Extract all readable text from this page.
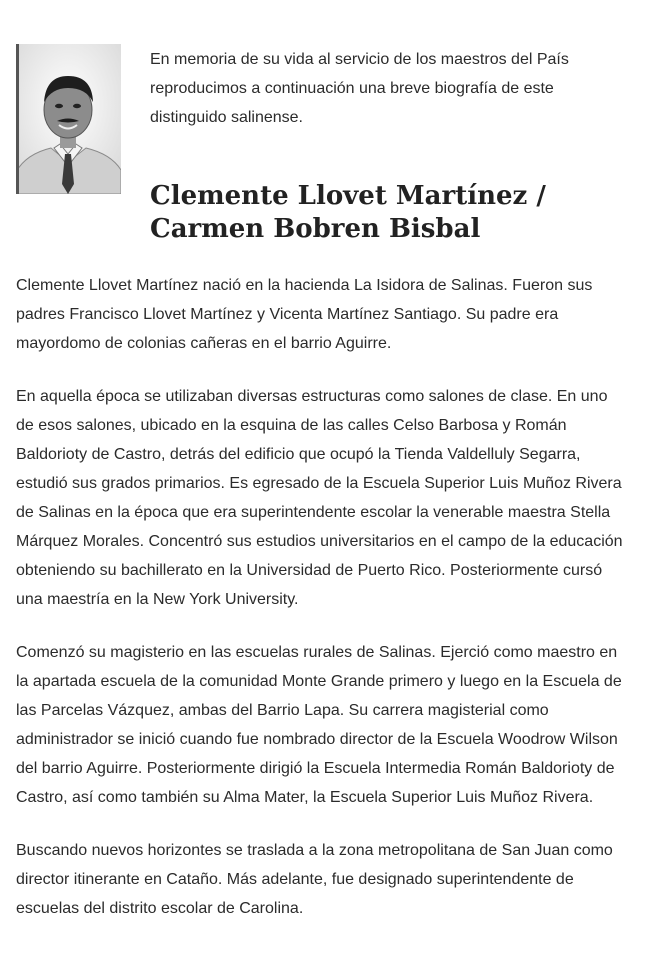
En memoria de su vida al servicio de los maestros del País reproducimos a continuación una breve biografía de este distinguido salinense.

Clemente Llovet Martínez /
Carmen Bobren Bisbal

Clemente Llovet Martínez nació en la hacienda La Isidora de Salinas. Fueron sus padres Francisco Llovet Martínez y Vicenta Martínez Santiago. Su padre era mayordomo de colonias cañeras en el barrio Aguirre.

En aquella época se utilizaban diversas estructuras como salones de clase. En uno de esos salones, ubicado en la esquina de las calles Celso Barbosa y Román Baldorioty de Castro, detrás del edificio que ocupó la Tienda Valdelluly Segarra, estudió sus grados primarios. Es egresado de la Escuela Superior Luis Muñoz Rivera de Salinas en la época que era superintendente escolar la venerable maestra Stella Márquez Morales. Concentró sus estudios universitarios en el campo de la educación obteniendo su bachillerato en la Universidad de Puerto Rico. Posteriormente cursó una maestría en la New York University.

Comenzó su magisterio en las escuelas rurales de Salinas. Ejerció como maestro en la apartada escuela de la comunidad Monte Grande primero y luego en la Escuela de las Parcelas Vázquez, ambas del Barrio Lapa. Su carrera magisterial como administrador se inició cuando fue nombrado director de la Escuela Woodrow Wilson del barrio Aguirre. Posteriormente dirigió la Escuela Intermedia Román Baldorioty de Castro, así como también su Alma Mater, la Escuela Superior Luis Muñoz Rivera.

Buscando nuevos horizontes se traslada a la zona metropolitana de San Juan como director itinerante en Cataño. Más adelante, fue designado superintendente de escuelas del distrito escolar de Carolina.
